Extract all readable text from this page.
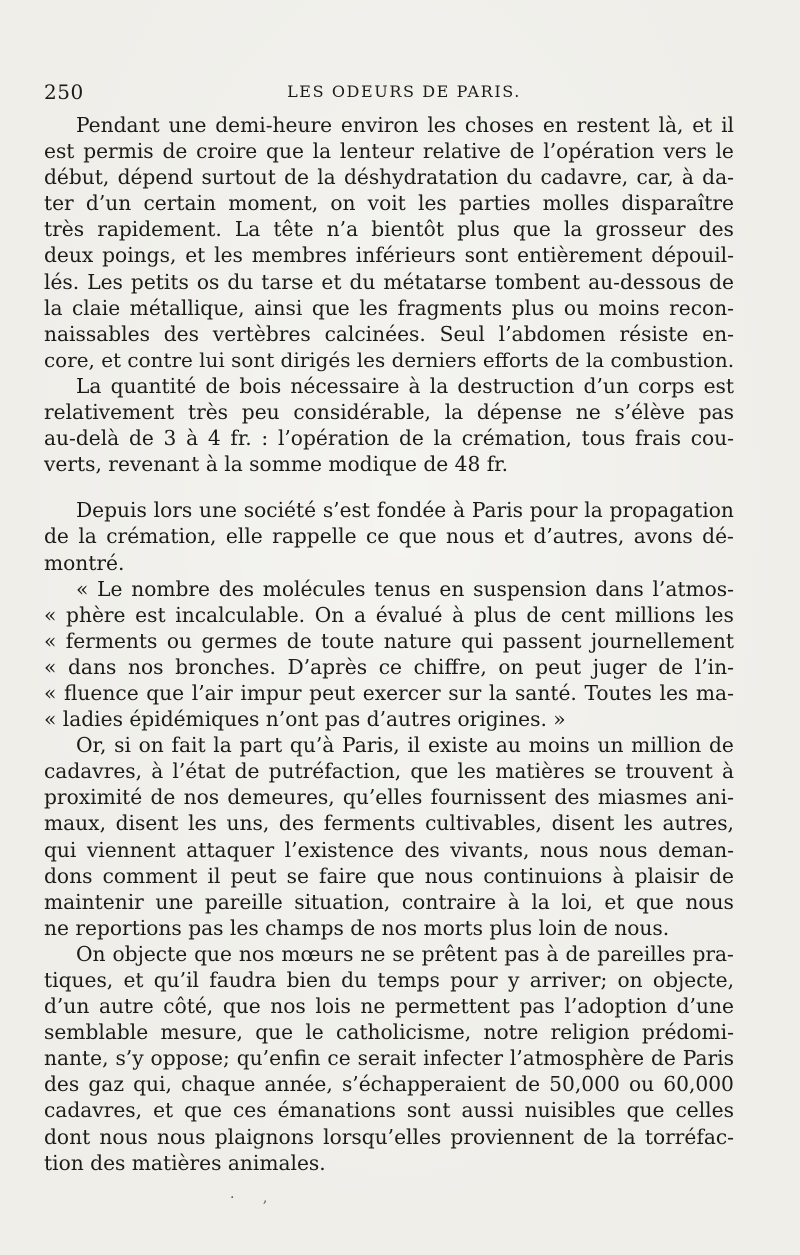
250	LES ODEURS DE PARIS.
Pendant une demi-heure environ les choses en restent là, et il
est permis de croire que la lenteur relative de l’opération vers le
début, dépend surtout de la déshydratation du cadavre, car, à da-
ter d’un certain moment, on voit les parties molles disparaître
très rapidement. La tête n’a bientôt plus que la grosseur des
deux poings, et les membres inférieurs sont entièrement dépouil-
lés. Les petits os du tarse et du métatarse tombent au-dessous de
la claie métallique, ainsi que les fragments plus ou moins recon-
naissables des vertèbres calcinées. Seul l’abdomen résiste en-
core, et contre lui sont dirigés les derniers efforts de la combustion.
La quantité de bois nécessaire à la destruction d’un corps est
relativement très peu considérable, la dépense ne s’élève pas
au-delà de 3 à 4 fr. : l’opération de la crémation, tous frais cou-
verts, revenant à la somme modique de 48 fr.
Depuis lors une société s’est fondée à Paris pour la propagation
de la crémation, elle rappelle ce que nous et d’autres, avons dé-
montré.
« Le nombre des molécules tenus en suspension dans l’atmos-
« phère est incalculable. On a évalué à plus de cent millions les
« ferments ou germes de toute nature qui passent journellement
« dans nos bronches. D’après ce chiffre, on peut juger de l’in-
« fluence que l’air impur peut exercer sur la santé. Toutes les ma-
« ladies épidémiques n’ont pas d’autres origines. »
Or, si on fait la part qu’à Paris, il existe au moins un million de
cadavres, à l’état de putréfaction, que les matières se trouvent à
proximité de nos demeures, qu’elles fournissent des miasmes ani-
maux, disent les uns, des ferments cultivables, disent les autres,
qui viennent attaquer l’existence des vivants, nous nous deman-
dons comment il peut se faire que nous continuions à plaisir de
maintenir une pareille situation, contraire à la loi, et que nous
ne reportions pas les champs de nos morts plus loin de nous.
On objecte que nos mœurs ne se prêtent pas à de pareilles pra-
tiques, et qu’il faudra bien du temps pour y arriver; on objecte,
d’un autre côté, que nos lois ne permettent pas l’adoption d’une
semblable mesure, que le catholicisme, notre religion prédomi-
nante, s’y oppose; qu’enfin ce serait infecter l’atmosphère de Paris
des gaz qui, chaque année, s’échapperaient de 50,000 ou 60,000
cadavres, et que ces émanations sont aussi nuisibles que celles
dont nous nous plaignons lorsqu’elles proviennent de la torréfac-
tion des matières animales.
· ,
